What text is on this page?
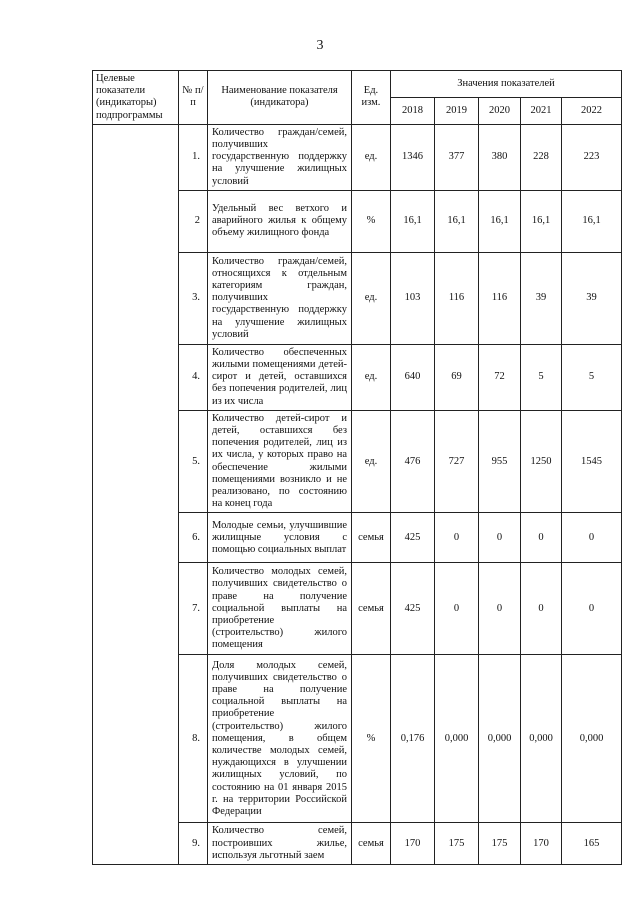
3
Целевые показатели (индикаторы) подпрограммы	№ п/п	Наименование показателя (индикатора)	Ед. изм.	Значения показателей				
				2018	2019	2020	2021	2022
	1.	Количество граждан/семей, получивших государственную поддержку на улучшение жилищных условий	ед.	1346	377	380	228	223
	2	Удельный вес ветхого и аварийного жилья к общему объему жилищного фонда	%	16,1	16,1	16,1	16,1	16,1
	3.	Количество граждан/семей, относящихся к отдельным категориям граждан, получивших государственную поддержку на улучшение жилищных условий	ед.	103	116	116	39	39
	4.	Количество обеспеченных жилыми помещениями детей-сирот и детей, оставшихся без попечения родителей, лиц из их числа	ед.	640	69	72	5	5
	5.	Количество детей-сирот и детей, оставшихся без попечения родителей, лиц из их числа, у которых право на обеспечение жилыми помещениями возникло и не реализовано, по состоянию на конец года	ед.	476	727	955	1250	1545
	6.	Молодые семьи, улучшившие жилищные условия с помощью социальных выплат	семья	425	0	0	0	0
	7.	Количество молодых семей, получивших свидетельство о праве на получение социальной выплаты на приобретение (строительство) жилого помещения	семья	425	0	0	0	0
	8.	Доля молодых семей, получивших свидетельство о праве на получение социальной выплаты на приобретение (строительство) жилого помещения, в общем количестве молодых семей, нуждающихся в улучшении жилищных условий, по состоянию на 01 января 2015 г. на территории Российской Федерации	%	0,176	0,000	0,000	0,000	0,000
	9.	Количество семей, построивших жилье, используя льготный заем	семья	170	175	175	170	165
